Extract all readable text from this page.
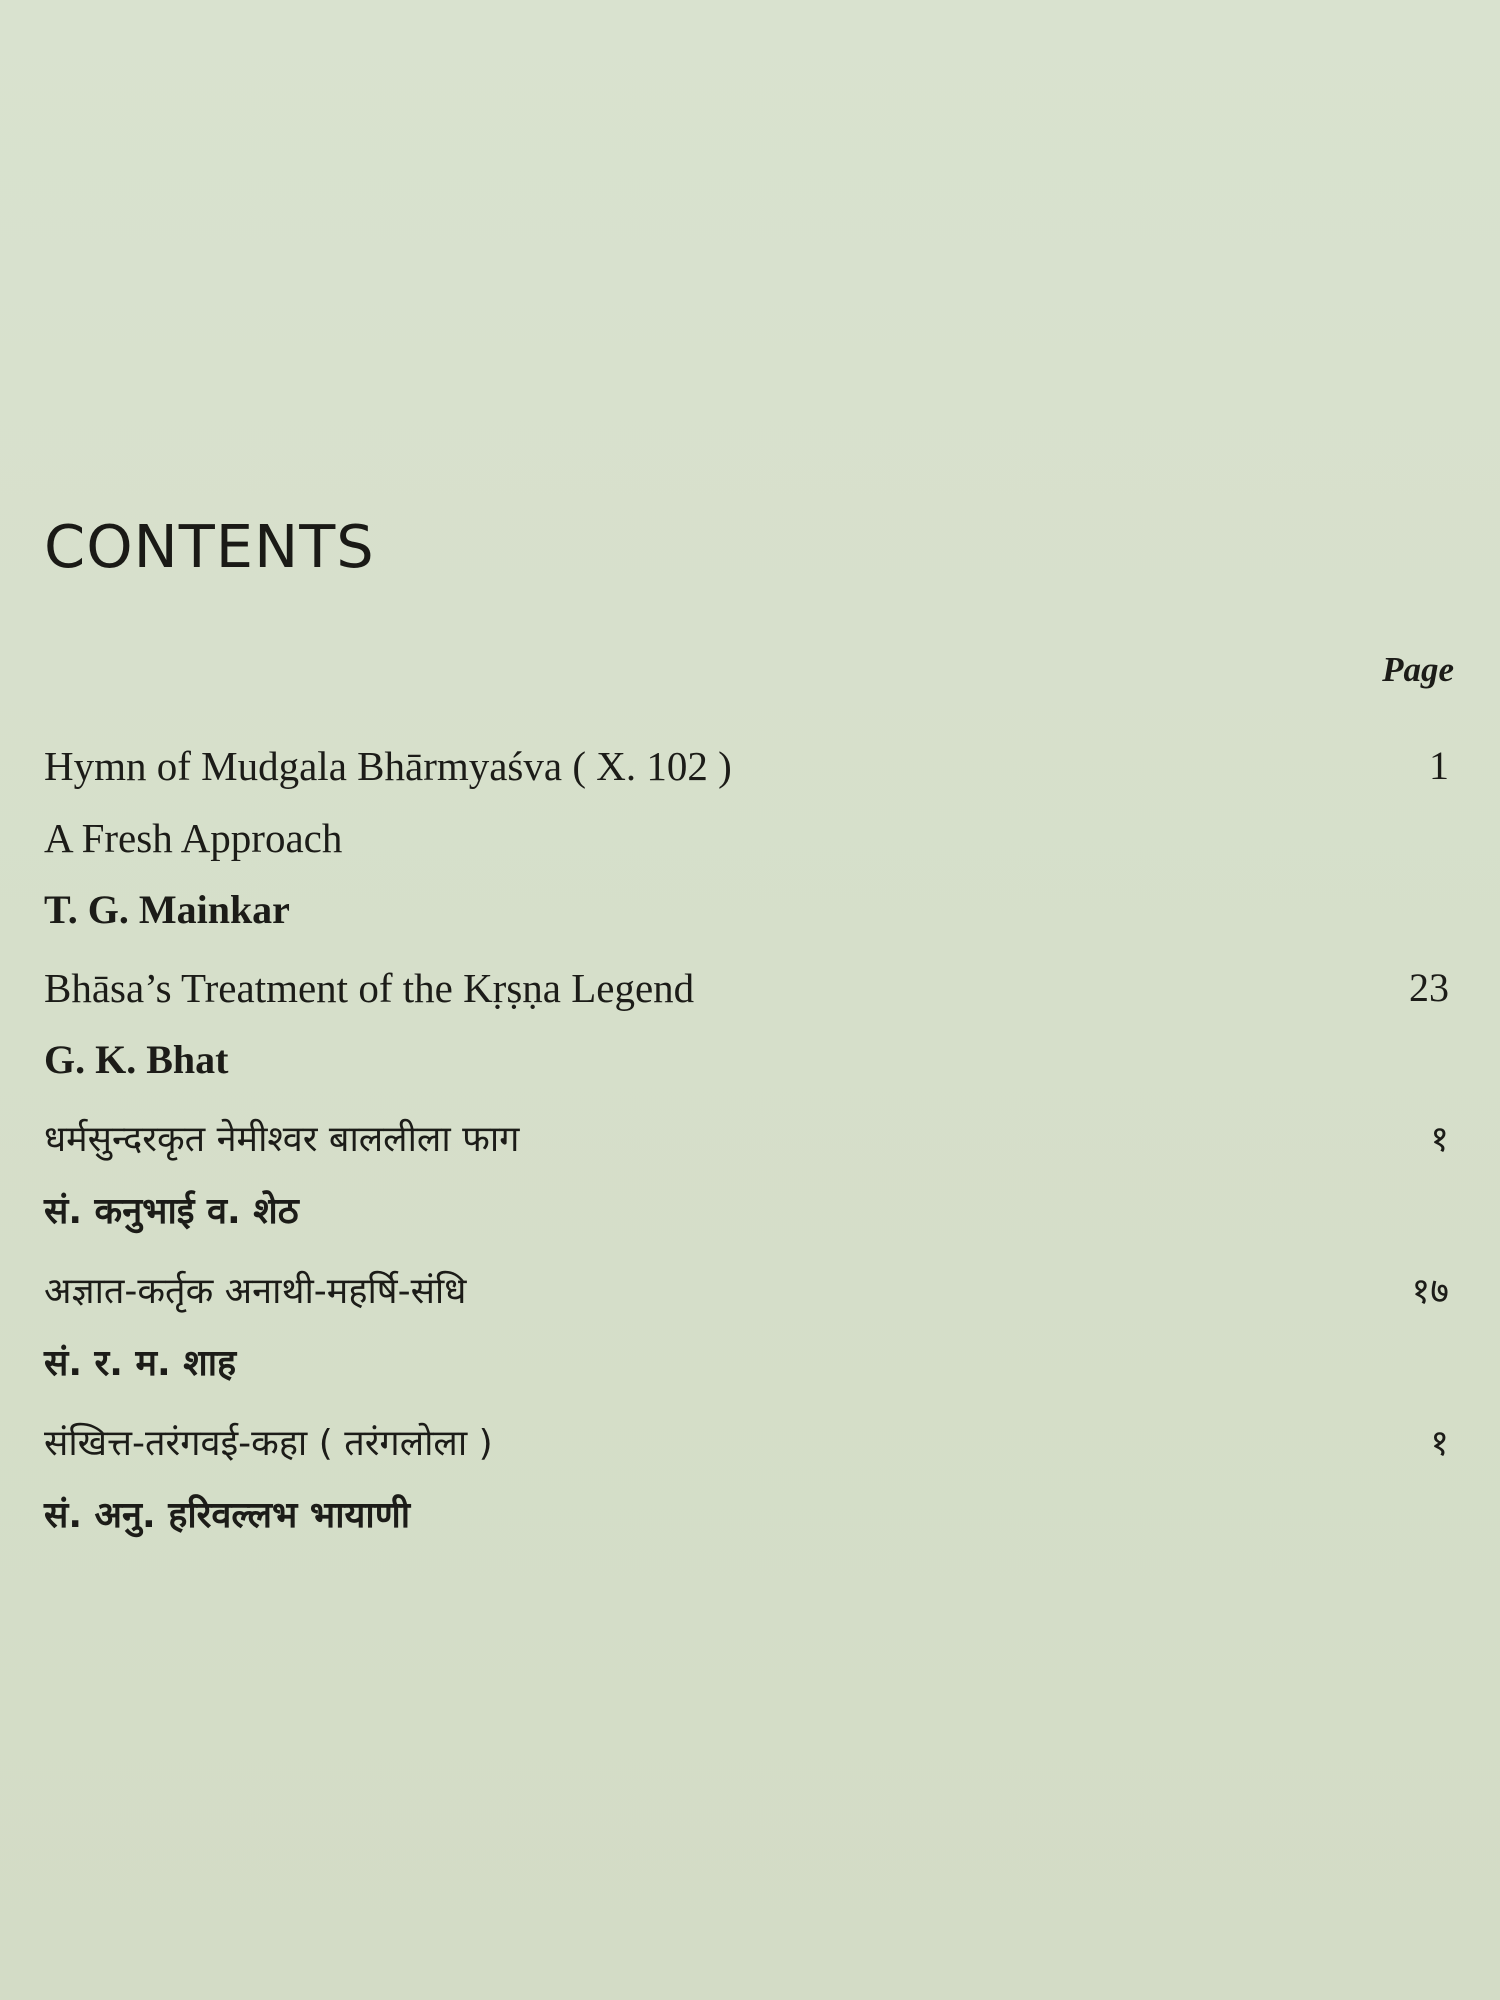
CONTENTS
Page
Hymn of Mudgala Bhārmyaśva ( X. 102 )
A Fresh Approach
T. G. Mainkar
1
Bhāsa’s Treatment of the Kṛṣṇa Legend
G. K. Bhat
23
धर्मसुन्दरकृत नेमीश्वर बाललीला फाग
सं. कनुभाई व. शेठ
१
अज्ञात-कर्तृक अनाथी-महर्षि-संधि
सं. र. म. शाह
१७
संखित्त-तरंगवई-कहा ( तरंगलोला )
सं. अनु. हरिवल्लभ भायाणी
१
